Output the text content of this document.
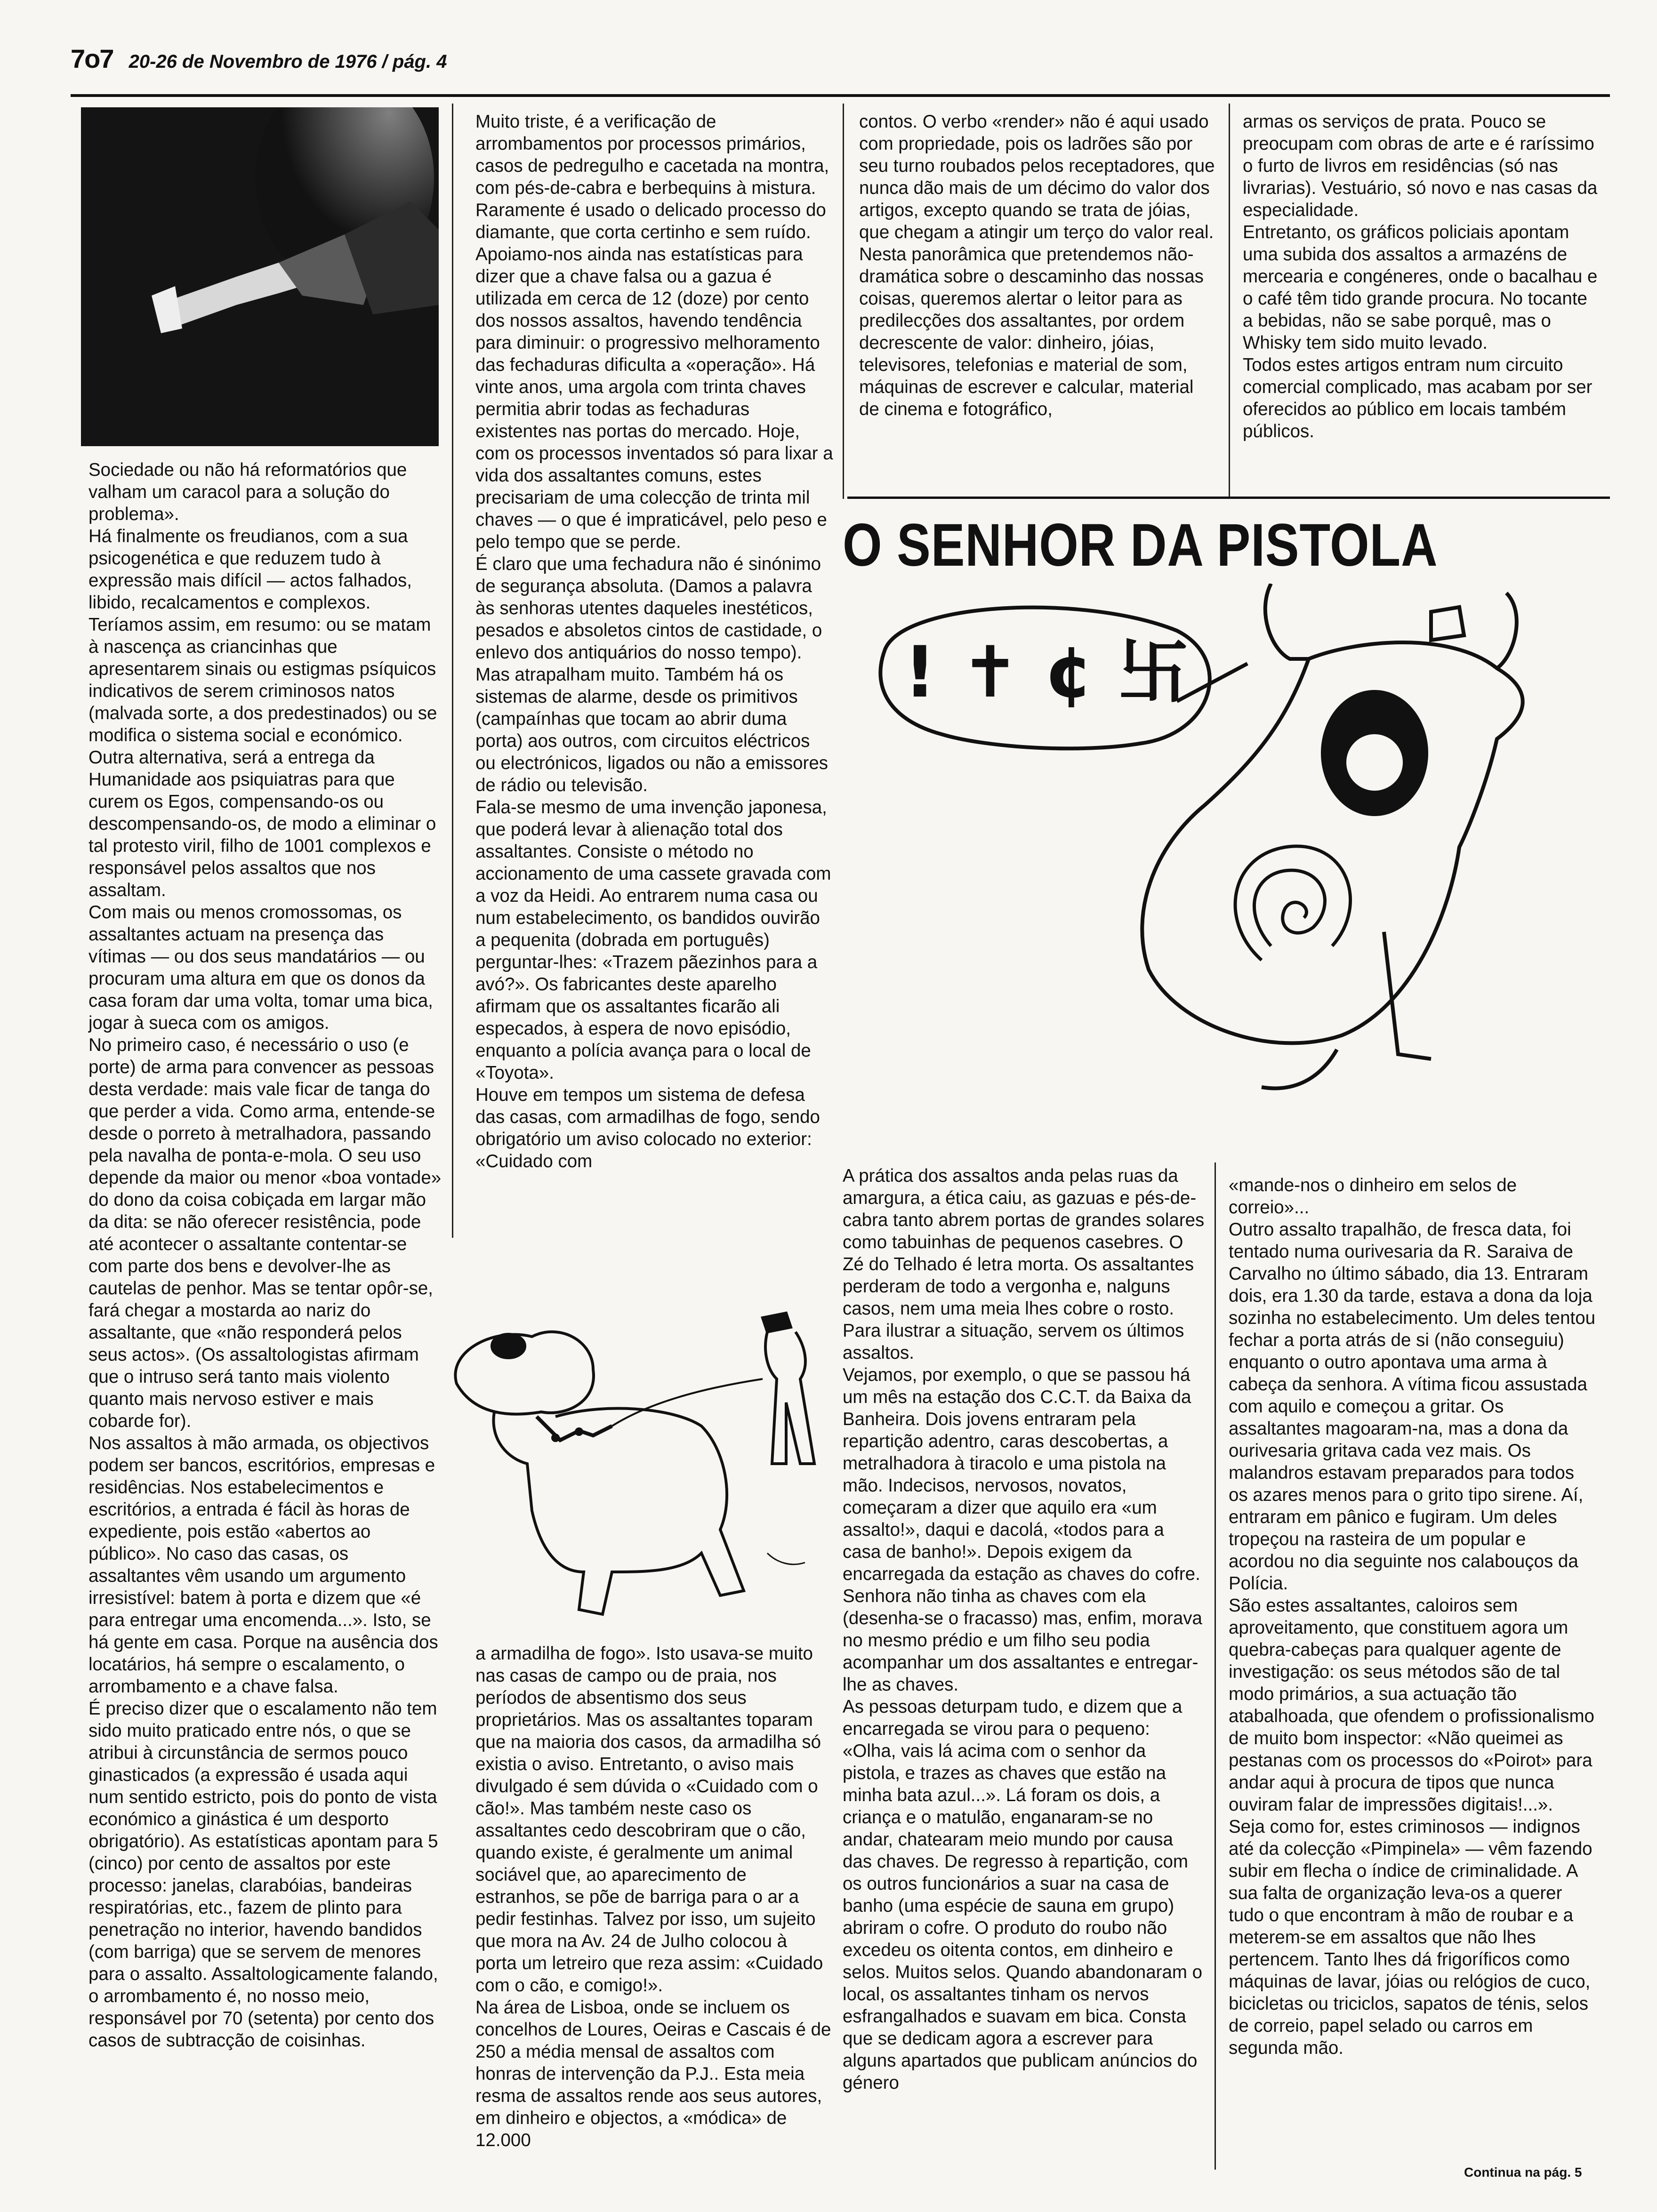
7o7 20-26 de Novembro de 1976 / pág. 4

Sociedade ou não há reformatórios que valham um caracol para a solução do problema».

Há finalmente os freudianos, com a sua psicogenética e que reduzem tudo à expressão mais difícil — actos falhados, libido, recalcamentos e complexos.

Teríamos assim, em resumo: ou se matam à nascença as criancinhas que apresentarem sinais ou estigmas psíquicos indicativos de serem criminosos natos (malvada sorte, a dos predestinados) ou se modifica o sistema social e económico. Outra alternativa, será a entrega da Humanidade aos psiquiatras para que curem os Egos, compensando-os ou descompensando-os, de modo a eliminar o tal protesto viril, filho de 1001 complexos e responsável pelos assaltos que nos assaltam.

Com mais ou menos cromossomas, os assaltantes actuam na presença das vítimas — ou dos seus mandatários — ou procuram uma altura em que os donos da casa foram dar uma volta, tomar uma bica, jogar à sueca com os amigos.

No primeiro caso, é necessário o uso (e porte) de arma para convencer as pessoas desta verdade: mais vale ficar de tanga do que perder a vida. Como arma, entende-se desde o porreto à metralhadora, passando pela navalha de ponta-e-mola. O seu uso depende da maior ou menor «boa vontade» do dono da coisa cobiçada em largar mão da dita: se não oferecer resistência, pode até acontecer o assaltante contentar-se com parte dos bens e devolver-lhe as cautelas de penhor. Mas se tentar opôr-se, fará chegar a mostarda ao nariz do assaltante, que «não responderá pelos seus actos». (Os assaltologistas afirmam que o intruso será tanto mais violento quanto mais nervoso estiver e mais cobarde for).

Nos assaltos à mão armada, os objectivos podem ser bancos, escritórios, empresas e residências. Nos estabelecimentos e escritórios, a entrada é fácil às horas de expediente, pois estão «abertos ao público». No caso das casas, os assaltantes vêm usando um argumento irresistível: batem à porta e dizem que «é para entregar uma encomenda...». Isto, se há gente em casa. Porque na ausência dos locatários, há sempre o escalamento, o arrombamento e a chave falsa.

É preciso dizer que o escalamento não tem sido muito praticado entre nós, o que se atribui à circunstância de sermos pouco ginasticados (a expressão é usada aqui num sentido estricto, pois do ponto de vista económico a ginástica é um desporto obrigatório). As estatísticas apontam para 5 (cinco) por cento de assaltos por este processo: janelas, clarabóias, bandeiras respiratórias, etc., fazem de plinto para penetração no interior, havendo bandidos (com barriga) que se servem de menores para o assalto. Assaltologicamente falando, o arrombamento é, no nosso meio, responsável por 70 (setenta) por cento dos casos de subtracção de coisinhas.

Muito triste, é a verificação de arrombamentos por processos primários, casos de pedregulho e cacetada na montra, com pés-de-cabra e berbequins à mistura. Raramente é usado o delicado processo do diamante, que corta certinho e sem ruído.

Apoiamo-nos ainda nas estatísticas para dizer que a chave falsa ou a gazua é utilizada em cerca de 12 (doze) por cento dos nossos assaltos, havendo tendência para diminuir: o progressivo melhoramento das fechaduras dificulta a «operação». Há vinte anos, uma argola com trinta chaves permitia abrir todas as fechaduras existentes nas portas do mercado. Hoje, com os processos inventados só para lixar a vida dos assaltantes comuns, estes precisariam de uma colecção de trinta mil chaves — o que é impraticável, pelo peso e pelo tempo que se perde.

É claro que uma fechadura não é sinónimo de segurança absoluta. (Damos a palavra às senhoras utentes daqueles inestéticos, pesados e absoletos cintos de castidade, o enlevo dos antiquários do nosso tempo). Mas atrapalham muito. Também há os sistemas de alarme, desde os primitivos (campaínhas que tocam ao abrir duma porta) aos outros, com circuitos eléctricos ou electrónicos, ligados ou não a emissores de rádio ou televisão.

Fala-se mesmo de uma invenção japonesa, que poderá levar à alienação total dos assaltantes. Consiste o método no accionamento de uma cassete gravada com a voz da Heidi. Ao entrarem numa casa ou num estabelecimento, os bandidos ouvirão a pequenita (dobrada em português) perguntar-lhes: «Trazem pãezinhos para a avó?». Os fabricantes deste aparelho afirmam que os assaltantes ficarão ali especados, à espera de novo episódio, enquanto a polícia avança para o local de «Toyota».

Houve em tempos um sistema de defesa das casas, com armadilhas de fogo, sendo obrigatório um aviso colocado no exterior: «Cuidado com

a armadilha de fogo». Isto usava-se muito nas casas de campo ou de praia, nos períodos de absentismo dos seus proprietários. Mas os assaltantes toparam que na maioria dos casos, da armadilha só existia o aviso. Entretanto, o aviso mais divulgado é sem dúvida o «Cuidado com o cão!». Mas também neste caso os assaltantes cedo descobriram que o cão, quando existe, é geralmente um animal sociável que, ao aparecimento de estranhos, se põe de barriga para o ar a pedir festinhas. Talvez por isso, um sujeito que mora na Av. 24 de Julho colocou à porta um letreiro que reza assim: «Cuidado com o cão, e comigo!».

Na área de Lisboa, onde se incluem os concelhos de Loures, Oeiras e Cascais é de 250 a média mensal de assaltos com honras de intervenção da P.J.. Esta meia resma de assaltos rende aos seus autores, em dinheiro e objectos, a «módica» de 12.000

contos. O verbo «render» não é aqui usado com propriedade, pois os ladrões são por seu turno roubados pelos receptadores, que nunca dão mais de um décimo do valor dos artigos, excepto quando se trata de jóias, que chegam a atingir um terço do valor real.

Nesta panorâmica que pretendemos não-dramática sobre o descaminho das nossas coisas, queremos alertar o leitor para as predilecções dos assaltantes, por ordem decrescente de valor: dinheiro, jóias, televisores, telefonias e material de som, máquinas de escrever e calcular, material de cinema e fotográfico,

armas os serviços de prata. Pouco se preocupam com obras de arte e é raríssimo o furto de livros em residências (só nas livrarias). Vestuário, só novo e nas casas da especialidade.

Entretanto, os gráficos policiais apontam uma subida dos assaltos a armazéns de mercearia e congéneres, onde o bacalhau e o café têm tido grande procura. No tocante a bebidas, não se sabe porquê, mas o Whisky tem sido muito levado.

Todos estes artigos entram num circuito comercial complicado, mas acabam por ser oferecidos ao público em locais também públicos.

O SENHOR DA PISTOLA
! ✝ ¢ 卐

A prática dos assaltos anda pelas ruas da amargura, a ética caiu, as gazuas e pés-de-cabra tanto abrem portas de grandes solares como tabuinhas de pequenos casebres. O Zé do Telhado é letra morta. Os assaltantes perderam de todo a vergonha e, nalguns casos, nem uma meia lhes cobre o rosto.

Para ilustrar a situação, servem os últimos assaltos.

Vejamos, por exemplo, o que se passou há um mês na estação dos C.C.T. da Baixa da Banheira. Dois jovens entraram pela repartição adentro, caras descobertas, a metralhadora à tiracolo e uma pistola na mão. Indecisos, nervosos, novatos, começaram a dizer que aquilo era «um assalto!», daqui e dacolá, «todos para a casa de banho!». Depois exigem da encarregada da estação as chaves do cofre. Senhora não tinha as chaves com ela (desenha-se o fracasso) mas, enfim, morava no mesmo prédio e um filho seu podia acompanhar um dos assaltantes e entregar-lhe as chaves.

As pessoas deturpam tudo, e dizem que a encarregada se virou para o pequeno: «Olha, vais lá acima com o senhor da pistola, e trazes as chaves que estão na minha bata azul...». Lá foram os dois, a criança e o matulão, enganaram-se no andar, chatearam meio mundo por causa das chaves. De regresso à repartição, com os outros funcionários a suar na casa de banho (uma espécie de sauna em grupo) abriram o cofre. O produto do roubo não excedeu os oitenta contos, em dinheiro e selos. Muitos selos. Quando abandonaram o local, os assaltantes tinham os nervos esfrangalhados e suavam em bica. Consta que se dedicam agora a escrever para alguns apartados que publicam anúncios do género

«mande-nos o dinheiro em selos de correio»...

Outro assalto trapalhão, de fresca data, foi tentado numa ourivesaria da R. Saraiva de Carvalho no último sábado, dia 13. Entraram dois, era 1.30 da tarde, estava a dona da loja sozinha no estabelecimento. Um deles tentou fechar a porta atrás de si (não conseguiu) enquanto o outro apontava uma arma à cabeça da senhora. A vítima ficou assustada com aquilo e começou a gritar. Os assaltantes magoaram-na, mas a dona da ourivesaria gritava cada vez mais. Os malandros estavam preparados para todos os azares menos para o grito tipo sirene. Aí, entraram em pânico e fugiram. Um deles tropeçou na rasteira de um popular e acordou no dia seguinte nos calabouços da Polícia.

São estes assaltantes, caloiros sem aproveitamento, que constituem agora um quebra-cabeças para qualquer agente de investigação: os seus métodos são de tal modo primários, a sua actuação tão atabalhoada, que ofendem o profissionalismo de muito bom inspector: «Não queimei as pestanas com os processos do «Poirot» para andar aqui à procura de tipos que nunca ouviram falar de impressões digitais!...».

Seja como for, estes criminosos — indignos até da colecção «Pimpinela» — vêm fazendo subir em flecha o índice de criminalidade. A sua falta de organização leva-os a querer tudo o que encontram à mão de roubar e a meterem-se em assaltos que não lhes pertencem. Tanto lhes dá frigoríficos como máquinas de lavar, jóias ou relógios de cuco, bicicletas ou triciclos, sapatos de ténis, selos de correio, papel selado ou carros em segunda mão.

Continua na pág. 5
